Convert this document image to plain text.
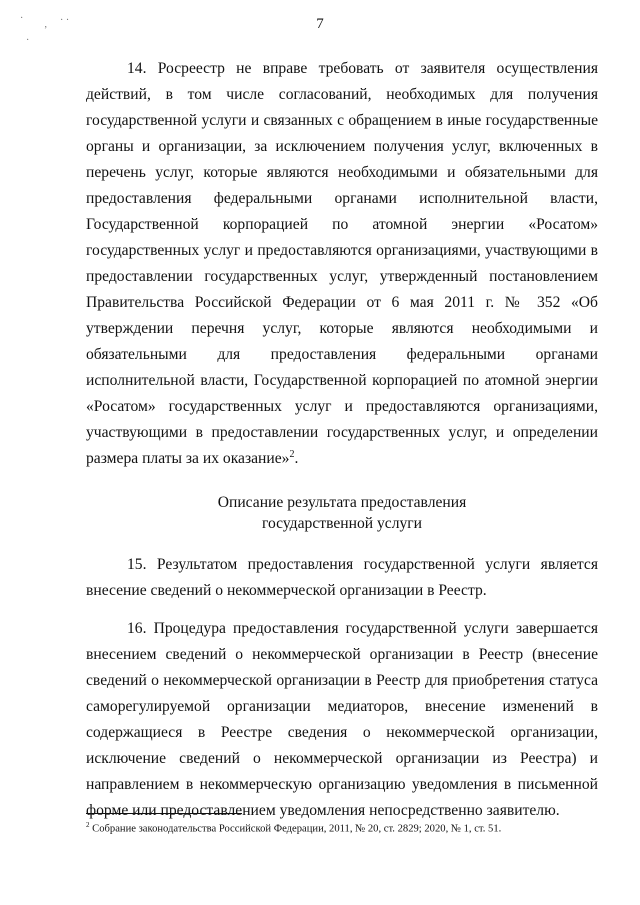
7
·
‚ · ·
·

14. Росреестр не вправе требовать от заявителя осуществления действий, в том числе согласований, необходимых для получения государственной услуги и связанных с обращением в иные государственные органы и организации, за исключением получения услуг, включенных в перечень услуг, которые являются необходимыми и обязательными для предоставления федеральными органами исполнительной власти, Государственной корпорацией по атомной энергии «Росатом» государственных услуг и предоставляются организациями, участвующими в предоставлении государственных услуг, утвержденный постановлением Правительства Российской Федерации от 6 мая 2011 г. № 352 «Об утверждении перечня услуг, которые являются необходимыми и обязательными для предоставления федеральными органами исполнительной власти, Государственной корпорацией по атомной энергии «Росатом» государственных услуг и предоставляются организациями, участвующими в предоставлении государственных услуг, и определении размера платы за их оказание»$^2$.

Описание результата предоставления
государственной услуги

15. Результатом предоставления государственной услуги является внесение сведений о некоммерческой организации в Реестр.

16. Процедура предоставления государственной услуги завершается внесением сведений о некоммерческой организации в Реестр (внесение сведений о некоммерческой организации в Реестр для приобретения статуса саморегулируемой организации медиаторов, внесение изменений в содержащиеся в Реестре сведения о некоммерческой организации, исключение сведений о некоммерческой организации из Реестра) и направлением в некоммерческую организацию уведомления в письменной форме или предоставлением уведомления непосредственно заявителю.

$^2$ Собрание законодательства Российской Федерации, 2011, № 20, ст. 2829; 2020, № 1, ст. 51.
